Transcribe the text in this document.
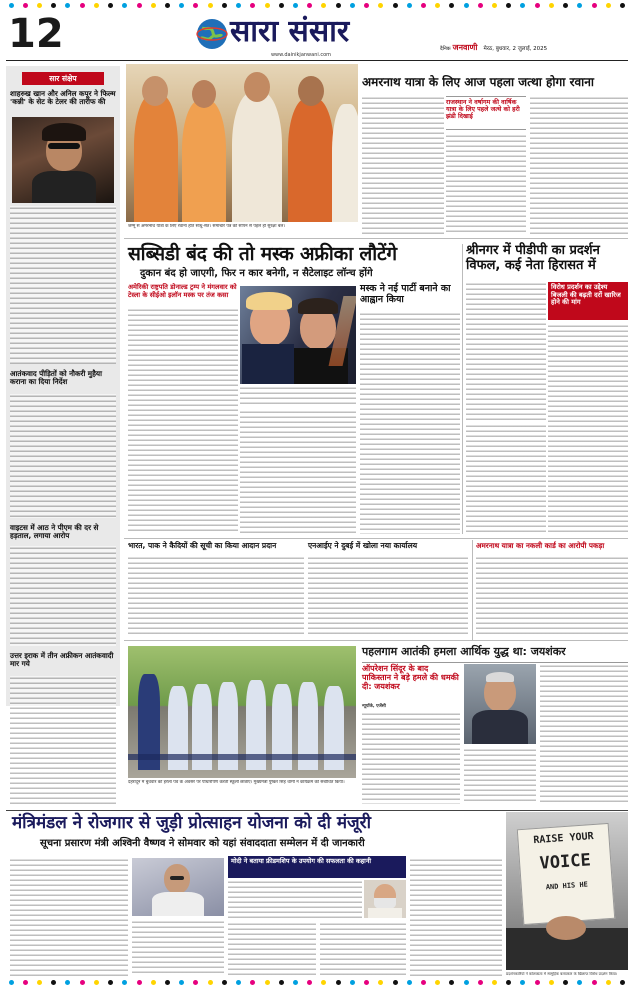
12	सारा संसार
www.dainikjanwani.com
दैनिक जनवाणी मेरठ, बुधवार, 2 जुलाई, 2025
सार संक्षेप
शाहरुख खान और अनिल कपूर ने फिल्म 'कन्नी' के सेट के टेलर की तारीफ की
आतंकवाद पीड़ितों को नौकरी मुहैया कराना का दिया निर्देश
वाइटस में आठ ने पीएम की दर से हड़ताल, लगाया आरोप
उत्तर इराक में तीन अफ्रीकन आतंकवादी मार गये
जम्मू से अमरनाथ यात्रा के लिए रवाना होते साधु-संत। समाचार पत्र को सौंपने से पहले ही सुरक्षा बल।
अमरनाथ यात्रा के लिए आज पहला जत्था होगा रवाना
राजस्थान ने वर्षागम की वार्षिक यात्रा के लिए पहले जत्थे को हरी झंडी दिखाई
सब्सिडी बंद की तो मस्क अफ्रीका लौटेंगे
दुकान बंद हो जाएगी, फिर न कार बनेगी, न सैटेलाइट लॉन्च होंगे
अमेरिकी राष्ट्रपति डोनाल्ड ट्रम्प ने मंगलवार को टेस्ला के सीईओ इलॉन मस्क पर तंज कसा
मस्क ने नई पार्टी बनाने का आह्वान किया
श्रीनगर में पीडीपी का प्रदर्शन विफल, कई नेता हिरासत में
विरोध प्रदर्शन का उद्देश्य बिजली की बढ़ती दरों खारिज होने की मांग
भारत, पाक ने कैदियों की सूची का किया आदान प्रदान	एनआईए ने दुबई में खोला नया कार्यालय	अमरनाथ यात्रा का नकली कार्ड का आरोपी पकड़ा
देहरादून में बुधवार को हरेला पर्व के अवसर पर पौधारोपण करती स्कूली छात्राएं। मुख्यमंत्री पुष्कर सिंह धामी ने कार्यक्रम को संबोधित किया।
पहलगाम आतंकी हमला आर्थिक युद्ध था: जयशंकर
ऑपरेशन सिंदूर के बाद पाकिस्तान ने बड़े हमले की धमकी दी: जयशंकर
न्यूयॉर्क, एजेंसी
मंत्रिमंडल ने रोजगार से जुड़ी प्रोत्साहन योजना को दी मंजूरी
सूचना प्रसारण मंत्री अश्विनी वैष्णव ने सोमवार को यहां संवाददाता सम्मेलन में दी जानकारी
मोदी ने बताया फ्रीडमशिप के उपयोग की सफलता की कहानी
RAISE YOUR
VOICE
AND HIS HE
प्रदर्शनकारियों ने कोलकाता में सामूहिक बलात्कार के खिलाफ विरोध प्रदर्शन किया।
